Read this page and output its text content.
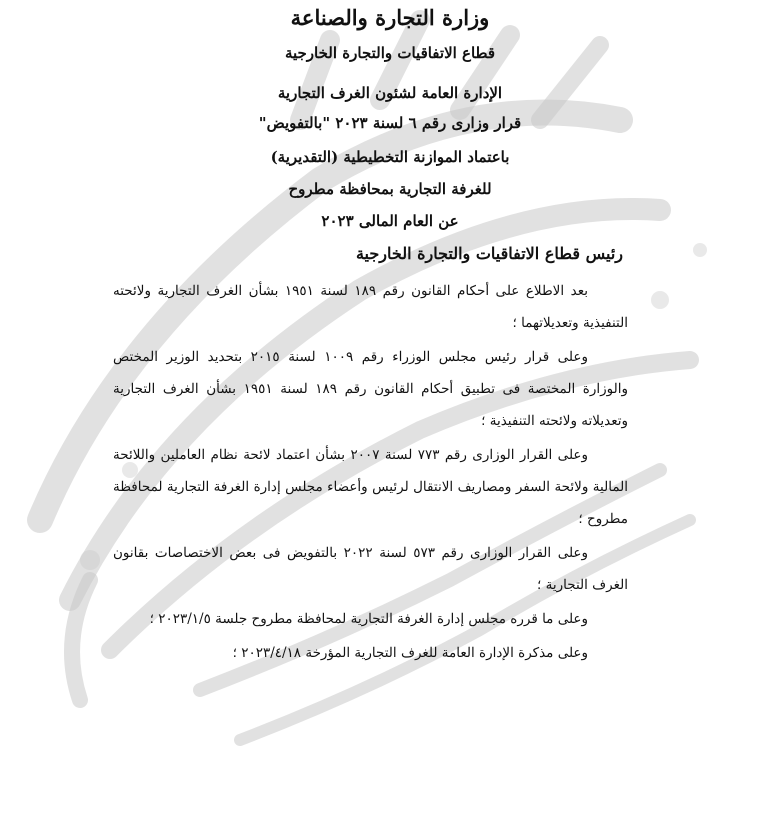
وزارة التجارة والصناعة

قطاع الاتفاقيات والتجارة الخارجية

الإدارة العامة لشئون الغرف التجارية

قرار وزارى رقم ٦ لسنة ٢٠٢٣ "بالتفويض"

باعتماد الموازنة التخطيطية (التقديرية)

للغرفة التجارية بمحافظة مطروح

عن العام المالى ٢٠٢٣

رئيس قطاع الاتفاقيات والتجارة الخارجية

بعد الاطلاع على أحكام القانون رقم ١٨٩ لسنة ١٩٥١ بشأن الغرف التجارية ولائحته التنفيذية وتعديلاتهما ؛

وعلى قرار رئيس مجلس الوزراء رقم ١٠٠٩ لسنة ٢٠١٥ بتحديد الوزير المختص والوزارة المختصة فى تطبيق أحكام القانون رقم ١٨٩ لسنة ١٩٥١ بشأن الغرف التجارية وتعديلاته ولائحته التنفيذية ؛

وعلى القرار الوزارى رقم ٧٧٣ لسنة ٢٠٠٧ بشأن اعتماد لائحة نظام العاملين واللائحة المالية ولائحة السفر ومصاريف الانتقال لرئيس وأعضاء مجلس إدارة الغرفة التجارية لمحافظة مطروح ؛

وعلى القرار الوزارى رقم ٥٧٣ لسنة ٢٠٢٢ بالتفويض فى بعض الاختصاصات بقانون الغرف التجارية ؛

وعلى ما قرره مجلس إدارة الغرفة التجارية لمحافظة مطروح جلسة ٢٠٢٣/١/٥ ؛

وعلى مذكرة الإدارة العامة للغرف التجارية المؤرخة ٢٠٢٣/٤/١٨ ؛
